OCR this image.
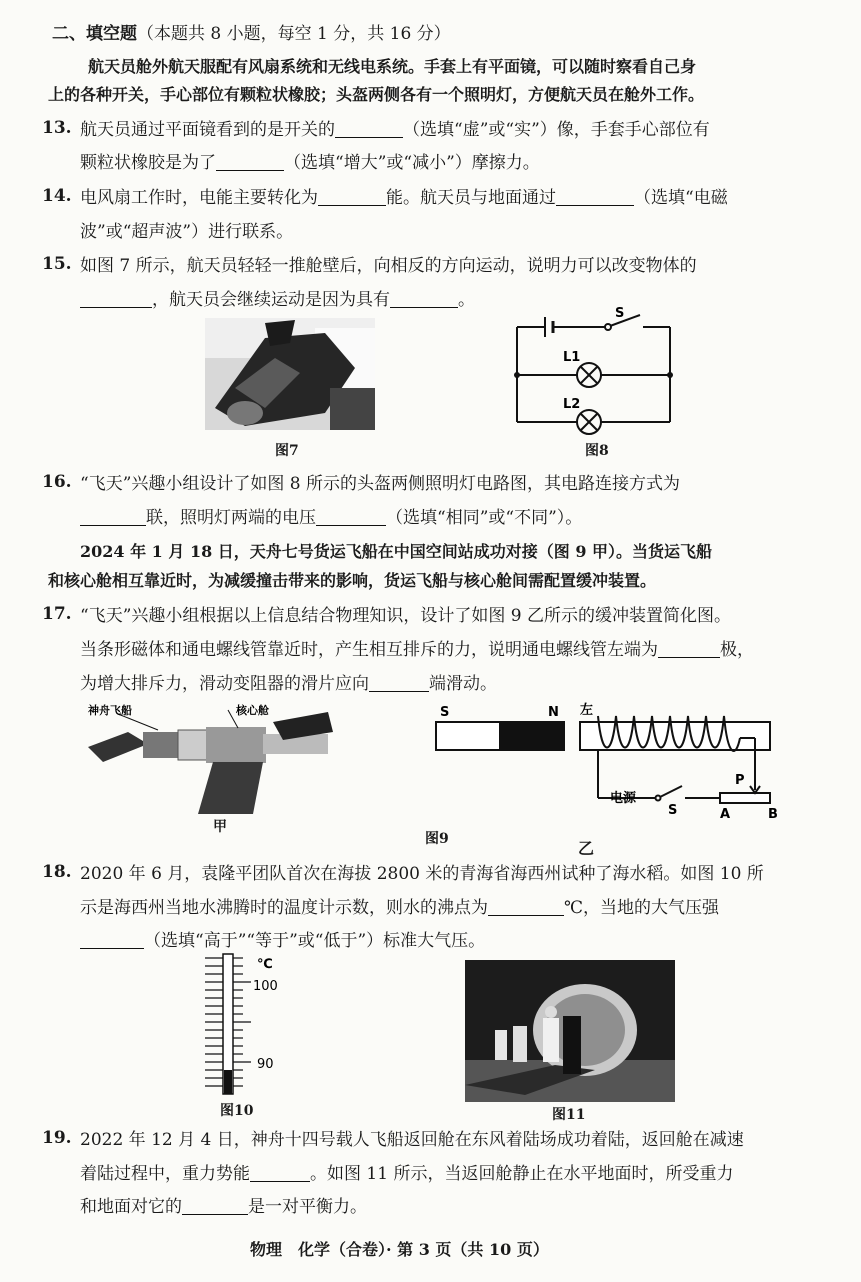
二、填空题（本题共 8 小题，每空 1 分，共 16 分）
航天员舱外航天服配有风扇系统和无线电系统。手套上有平面镜，可以随时察看自己身
上的各种开关，手心部位有颗粒状橡胶；头盔两侧各有一个照明灯，方便航天员在舱外工作。
13. 航天员通过平面镜看到的是开关的	（选填“虚”或“实”）像，手套手心部位有
颗粒状橡胶是为了	（选填“增大”或“减小”）摩擦力。
14. 电风扇工作时，电能主要转化为	能。航天员与地面通过	（选填“电磁
波”或“超声波”）进行联系。
15. 如图 7 所示，航天员轻轻一推舱壁后，向相反的方向运动，说明力可以改变物体的
，航天员会继续运动是因为具有	。
图7
S
L1
L2
图8
16. “飞天”兴趣小组设计了如图 8 所示的头盔两侧照明灯电路图，其电路连接方式为
联，照明灯两端的电压	（选填“相同”或“不同”）。
2024 年 1 月 18 日，天舟七号货运飞船在中国空间站成功对接（图 9 甲）。当货运飞船
和核心舱相互靠近时，为减缓撞击带来的影响，货运飞船与核心舱间需配置缓冲装置。
17. “飞天”兴趣小组根据以上信息结合物理知识，设计了如图 9 乙所示的缓冲装置简化图。
当条形磁体和通电螺线管靠近时，产生相互排斥的力，说明通电螺线管左端为	极，
为增大排斥力，滑动变阻器的滑片应向	端滑动。
神舟飞船	核心舱
甲
S	N 左
电源
S
P
A	B
图9	乙
18. 2020 年 6 月，袁隆平团队首次在海拔 2800 米的青海省海西州试种了海水稻。如图 10 所
示是海西州当地水沸腾时的温度计示数，则水的沸点为	℃，当地的大气压强
（选填“高于”“等于”或“低于”）标准大气压。
℃
100
90
图10	图11
19. 2022 年 12 月 4 日，神舟十四号载人飞船返回舱在东风着陆场成功着陆，返回舱在减速
着陆过程中，重力势能	。如图 11 所示，当返回舱静止在水平地面时，所受重力
和地面对它的	是一对平衡力。
物理　化学（合卷）· 第 3 页（共 10 页）
